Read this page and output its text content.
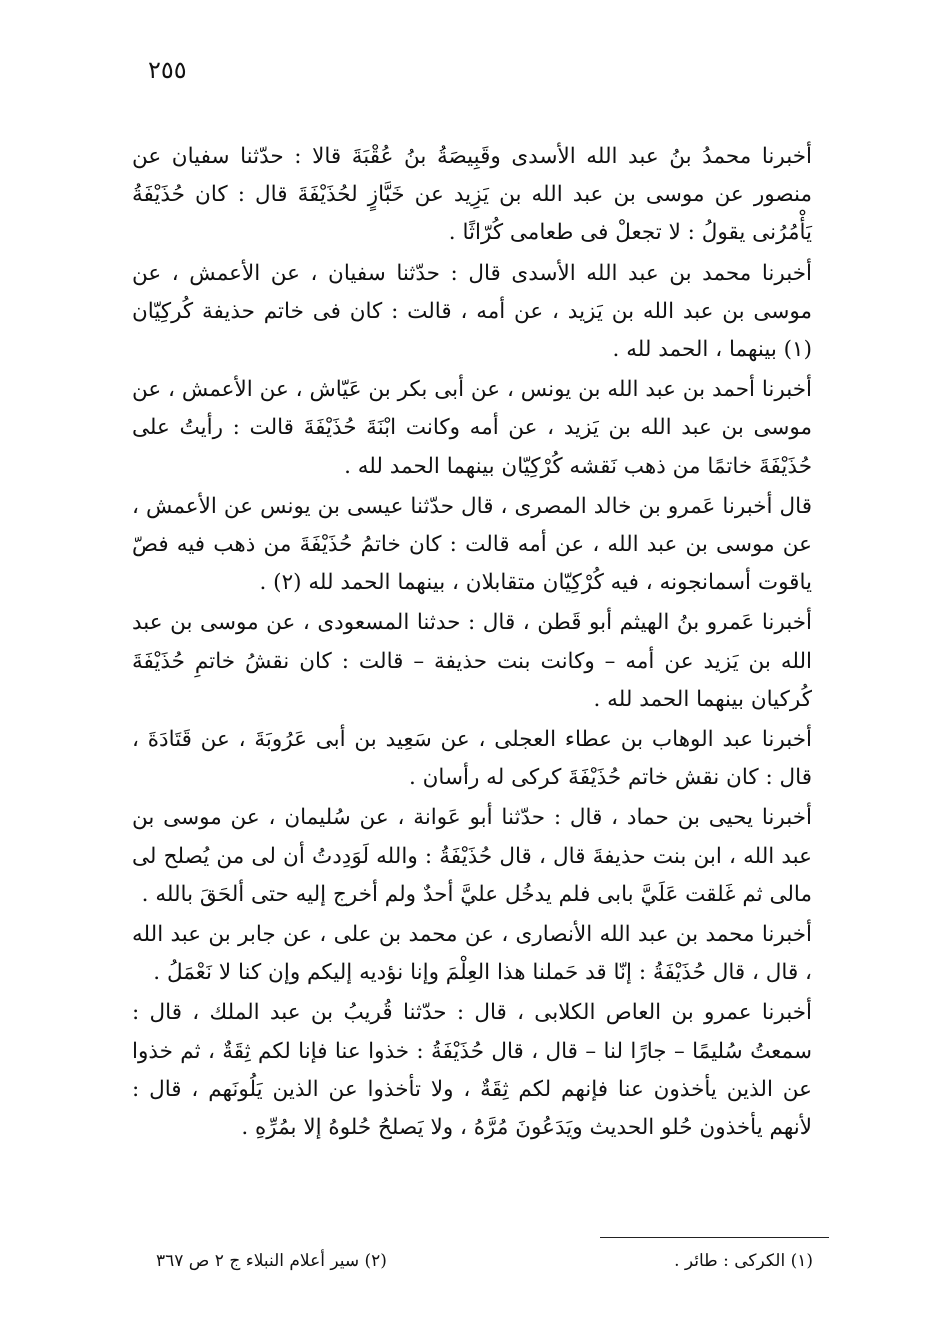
٢٥٥

أخبرنا محمدُ بنُ عبد الله الأسدى وقَبِيصَةُ بنُ عُقْبَةَ قالا : حدّثنا سفيان عن منصور عن موسى بن عبد الله بن يَزِيد عن خَبَّازٍ لحُذَيْفَةَ قال : كان حُذَيْفَةُ يَأْمُرُنى يقولُ : لا تجعلْ فى طعامى كُرّاثًا .

أخبرنا محمد بن عبد الله الأسدى قال : حدّثنا سفيان ، عن الأعمش ، عن موسى بن عبد الله بن يَزيد ، عن أمه ، قالت : كان فى خاتم حذيفة كُركِيّان (١) بينهما ، الحمد لله .

أخبرنا أحمد بن عبد الله بن يونس ، عن أبى بكر بن عَيّاش ، عن الأعمش ، عن موسى بن عبد الله بن يَزيد ، عن أمه وكانت ابْنَةَ حُذَيْفَةَ قالت : رأيتُ على حُذَيْفَةَ خاتمًا من ذهب نَقشه كُرْكِيّان بينهما الحمد لله .

قال أخبرنا عَمرو بن خالد المصرى ، قال حدّثنا عيسى بن يونس عن الأعمش ، عن موسى بن عبد الله ، عن أمه قالت : كان خاتمُ حُذَيْفَةَ من ذهب فيه فصّ ياقوت أسمانجونه ، فيه كُرْكِيّان متقابلان ، بينهما الحمد لله (٢) .

أخبرنا عَمرو بنُ الهيثم أبو قَطن ، قال : حدثنا المسعودى ، عن موسى بن عبد الله بن يَزيد عن أمه – وكانت بنت حذيفة – قالت : كان نقشُ خاتمِ حُذَيْفَةَ كُركيان بينهما الحمد لله .

أخبرنا عبد الوهاب بن عطاء العجلى ، عن سَعِيد بن أبى عَرُوبَةَ ، عن قَتَادَةَ ، قال : كان نقش خاتم حُذَيْفَةَ كركى له رأسان .

أخبرنا يحيى بن حماد ، قال : حدّثنا أبو عَوانة ، عن سُليمان ، عن موسى بن عبد الله ، ابن بنت حذيفةَ قال ، قال حُذَيْفَةُ : والله لَوَدِدتُ أن لى من يُصلح لى مالى ثم غَلقت عَلَيَّ بابى فلم يدخُل عليَّ أحدٌ ولم أخرج إليه حتى ألحَقَ بالله .

أخبرنا محمد بن عبد الله الأنصارى ، عن محمد بن على ، عن جابر بن عبد الله ، قال ، قال حُذَيْفَةُ : إنّا قد حَملنا هذا العِلْمَ وإنا نؤديه إليكم وإن كنا لا نَعْمَلُ .

أخبرنا عمرو بن العاص الكلابى ، قال : حدّثنا قُريبُ بن عبد الملك ، قال : سمعتُ سُليمًا – جارًا لنا – قال ، قال حُذَيْفَةُ : خذوا عنا فإنا لكم ثِقَةٌ ، ثم خذوا عن الذين يأخذون عنا فإنهم لكم ثِقَةٌ ، ولا تأخذوا عن الذين يَلُونَهم ، قال : لأنهم يأخذون حُلو الحديث ويَدَعُونَ مُرَّهُ ، ولا يَصلحُ حُلوهُ إلا بمُرِّهِ .

(١) الكركى : طائر .
(٢) سير أعلام النبلاء ج ٢ ص ٣٦٧
